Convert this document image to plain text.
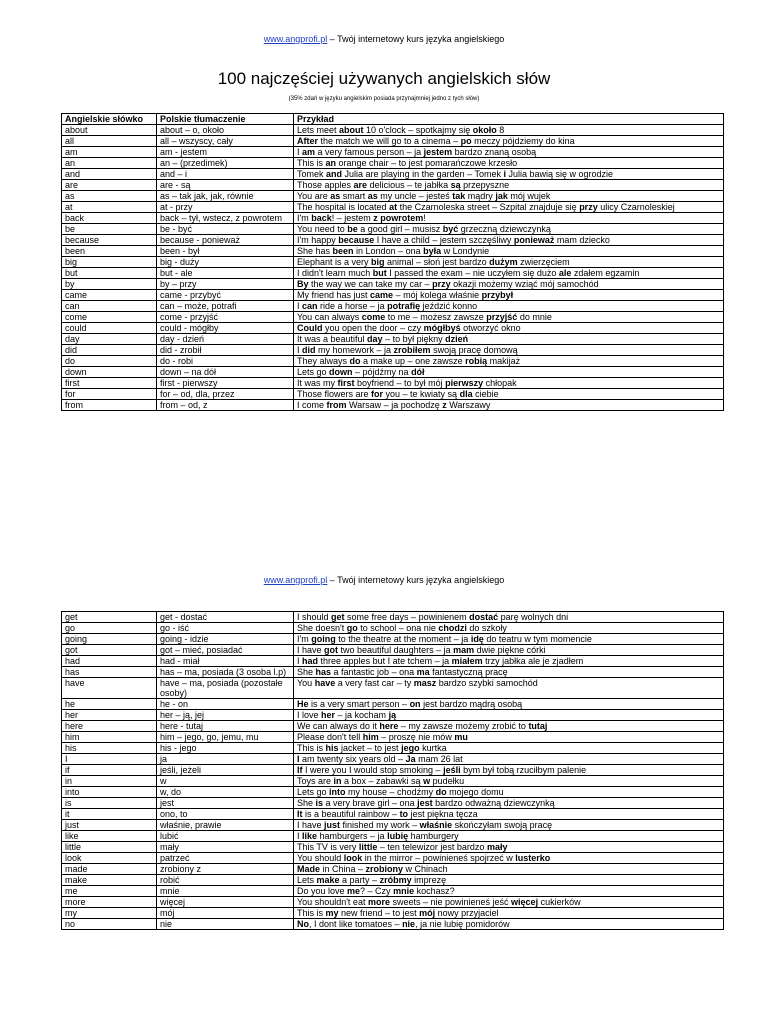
www.angprofi.pl – Twój internetowy kurs języka angielskiego
100 najczęściej używanych angielskich słów
(35% zdań w języku angielskim posiada przynajmniej jedno z tych słów)
Angielskie słówko	Polskie tłumaczenie	Przykład
about	about – o, około	Lets meet about 10 o'clock – spotkajmy się około 8
all	all – wszyscy, cały	After the match we will go to a cinema – po meczy pójdziemy do kina
am	am - jestem	I am a very famous person – ja jestem bardzo znaną osobą
an	an – (przedimek)	This is an orange chair – to jest pomarańczowe krzesło
and	and – i	Tomek and Julia are playing in the garden – Tomek i Julia bawią się w ogrodzie
are	are - są	Those apples are delicious – te jabłka są przepyszne
as	as – tak jak, jak, równie	You are as smart as my uncle – jesteś tak mądry jak mój wujek
at	at - przy	The hospital is located at the Czarnoleska street – Szpital znajduje się przy ulicy Czarnoleskiej
back	back – tył, wstecz, z powrotem	I'm back! – jestem z powrotem!
be	be - być	You need to be a good girl – musisz być grzeczną dziewczynką
because	because - ponieważ	I'm happy because I have a child – jestem szczęśliwy ponieważ mam dziecko
been	been - był	She has been in London – ona była w Londynie
big	big - duży	Elephant is a very big animal – słoń jest bardzo dużym zwierzęciem
but	but - ale	I didn't learn much but I passed the exam – nie uczyłem się dużo ale zdałem egzamin
by	by – przy	By the way we can take my car – przy okazji możemy wziąć mój samochód
came	came - przybyć	My friend has just came – mój kolega właśnie przybył
can	can – może, potrafi	I can ride a horse – ja potrafię jeździć konno
come	come - przyjść	You can always come to me – możesz zawsze przyjść do mnie
could	could - mógłby	Could you open the door – czy mógłbyś otworzyć okno
day	day - dzień	It was a beautiful day – to był piękny dzień
did	did - zrobił	I did my homework – ja zrobiłem swoją pracę domową
do	do - robi	They always do a make up – one zawsze robią makijaż
down	down – na dół	Lets go down – pójdźmy na dół
first	first - pierwszy	It was my first boyfriend – to był mój pierwszy chłopak
for	for – od, dla, przez	Those flowers are for you – te kwiaty są dla ciebie
from	from – od, z	I come from Warsaw – ja pochodzę z Warszawy
www.angprofi.pl – Twój internetowy kurs języka angielskiego
get	get - dostać	I should get some free days – powinienem dostać parę wolnych dni
go	go - iść	She doesn't go to school – ona nie chodzi do szkoły
going	going - idzie	I'm going to the theatre at the moment – ja idę do teatru w tym momencie
got	got – mieć, posiadać	I have got two beautiful daughters – ja mam dwie piękne córki
had	had - miał	I had three apples but I ate tchem – ja miałem trzy jabłka ale je zjadłem
has	has – ma, posiada (3 osoba l.p)	She has a fantastic job – ona ma fantastyczną pracę
have	have – ma, posiada (pozostałe osoby)	You have a very fast car – ty masz bardzo szybki samochód
he	he - on	He is a very smart person – on jest bardzo mądrą osobą
her	her – ją, jej	I love her – ja kocham ją
here	here - tutaj	We can always do it here – my zawsze możemy zrobić to tutaj
him	him – jego, go, jemu, mu	Please don't tell him – proszę nie mów mu
his	his - jego	This is his jacket – to jest jego kurtka
I	ja	I am twenty six years old – Ja mam 26 lat
if	jeśli, jeżeli	If I were you I would stop smoking – jeśli bym był tobą rzuciłbym palenie
in	w	Toys are in a box – zabawki są w pudełku
into	w, do	Lets go into my house – chodźmy do mojego domu
is	jest	She is a very brave girl – ona jest bardzo odważną dziewczynką
it	ono, to	It is a beautiful rainbow – to jest piękna tęcza
just	właśnie, prawie	I have just finished my work – właśnie skończyłam swoją pracę
like	lubić	I like hamburgers – ja lubię hamburgery
little	mały	This TV is very little – ten telewizor jest bardzo mały
look	patrzeć	You should look in the mirror – powinieneś spojrzeć w lusterko
made	zrobiony z	Made in China – zrobiony w Chinach
make	robić	Lets make a party – zróbmy imprezę
me	mnie	Do you love me? – Czy mnie kochasz?
more	więcej	You shouldn't eat more sweets – nie powinieneś jeść więcej cukierków
my	mój	This is my new friend – to jest mój nowy przyjaciel
no	nie	No, I dont like tomatoes – nie, ja nie lubię pomidorów
